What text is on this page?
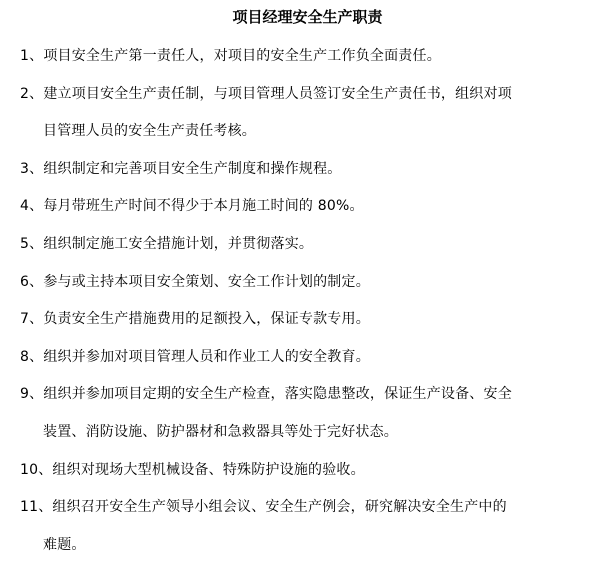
项目经理安全生产职责
1、项目安全生产第一责任人，对项目的安全生产工作负全面责任。
2、建立项目安全生产责任制，与项目管理人员签订安全生产责任书，组织对项
目管理人员的安全生产责任考核。
3、组织制定和完善项目安全生产制度和操作规程。
4、每月带班生产时间不得少于本月施工时间的 80%。
5、组织制定施工安全措施计划，并贯彻落实。
6、参与或主持本项目安全策划、安全工作计划的制定。
7、负责安全生产措施费用的足额投入，保证专款专用。
8、组织并参加对项目管理人员和作业工人的安全教育。
9、组织并参加项目定期的安全生产检查，落实隐患整改，保证生产设备、安全
装置、消防设施、防护器材和急救器具等处于完好状态。
10、组织对现场大型机械设备、特殊防护设施的验收。
11、组织召开安全生产领导小组会议、安全生产例会，研究解决安全生产中的
难题。
